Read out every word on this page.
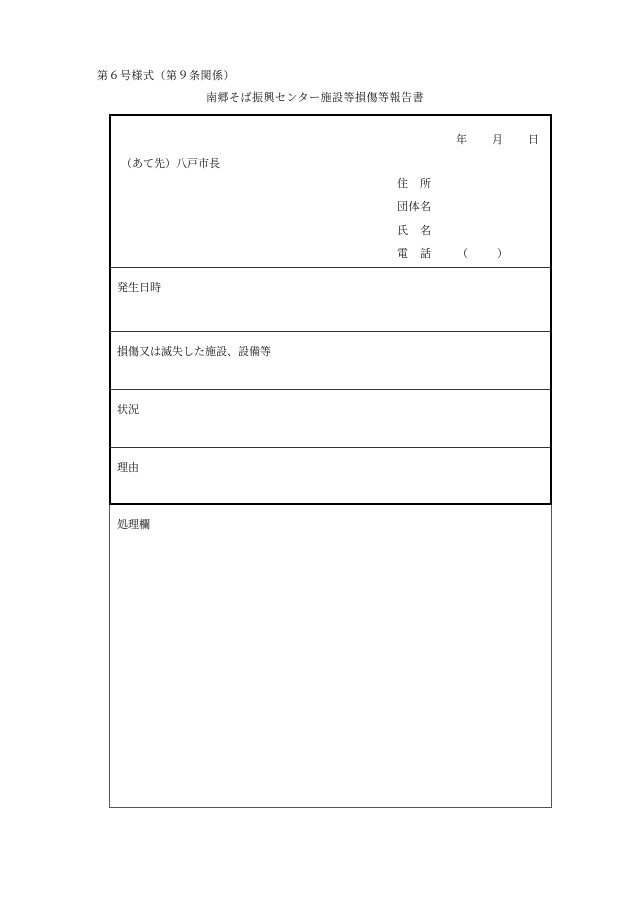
第６号様式（第９条関係）
南郷そば振興センター施設等損傷等報告書
年 月 日
（あて先）八戸市長
住　所
団体名
氏　名
電　話 （	）
発生日時
損傷又は滅失した施設、設備等
状況
理由
処理欄
